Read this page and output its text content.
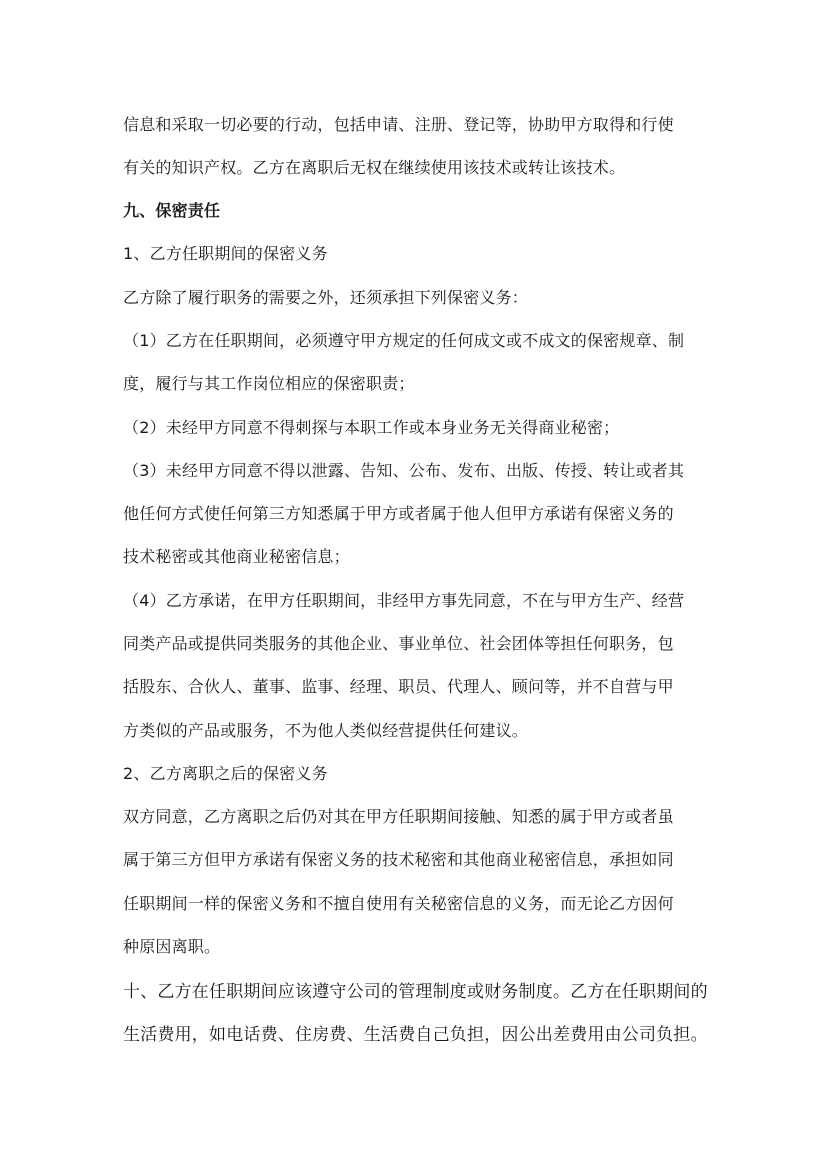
信息和采取一切必要的行动，包括申请、注册、登记等，协助甲方取得和行使

有关的知识产权。乙方在离职后无权在继续使用该技术或转让该技术。

九、保密责任

1、乙方任职期间的保密义务

乙方除了履行职务的需要之外，还须承担下列保密义务：

（1）乙方在任职期间，必须遵守甲方规定的任何成文或不成文的保密规章、制

度，履行与其工作岗位相应的保密职责；

（2）未经甲方同意不得刺探与本职工作或本身业务无关得商业秘密；

（3）未经甲方同意不得以泄露、告知、公布、发布、出版、传授、转让或者其

他任何方式使任何第三方知悉属于甲方或者属于他人但甲方承诺有保密义务的

技术秘密或其他商业秘密信息；

（4）乙方承诺，在甲方任职期间，非经甲方事先同意，不在与甲方生产、经营

同类产品或提供同类服务的其他企业、事业单位、社会团体等担任何职务，包

括股东、合伙人、董事、监事、经理、职员、代理人、顾问等，并不自营与甲

方类似的产品或服务，不为他人类似经营提供任何建议。

2、乙方离职之后的保密义务

双方同意，乙方离职之后仍对其在甲方任职期间接触、知悉的属于甲方或者虽

属于第三方但甲方承诺有保密义务的技术秘密和其他商业秘密信息，承担如同

任职期间一样的保密义务和不擅自使用有关秘密信息的义务，而无论乙方因何

种原因离职。

十、乙方在任职期间应该遵守公司的管理制度或财务制度。乙方在任职期间的

生活费用，如电话费、住房费、生活费自己负担，因公出差费用由公司负担。
